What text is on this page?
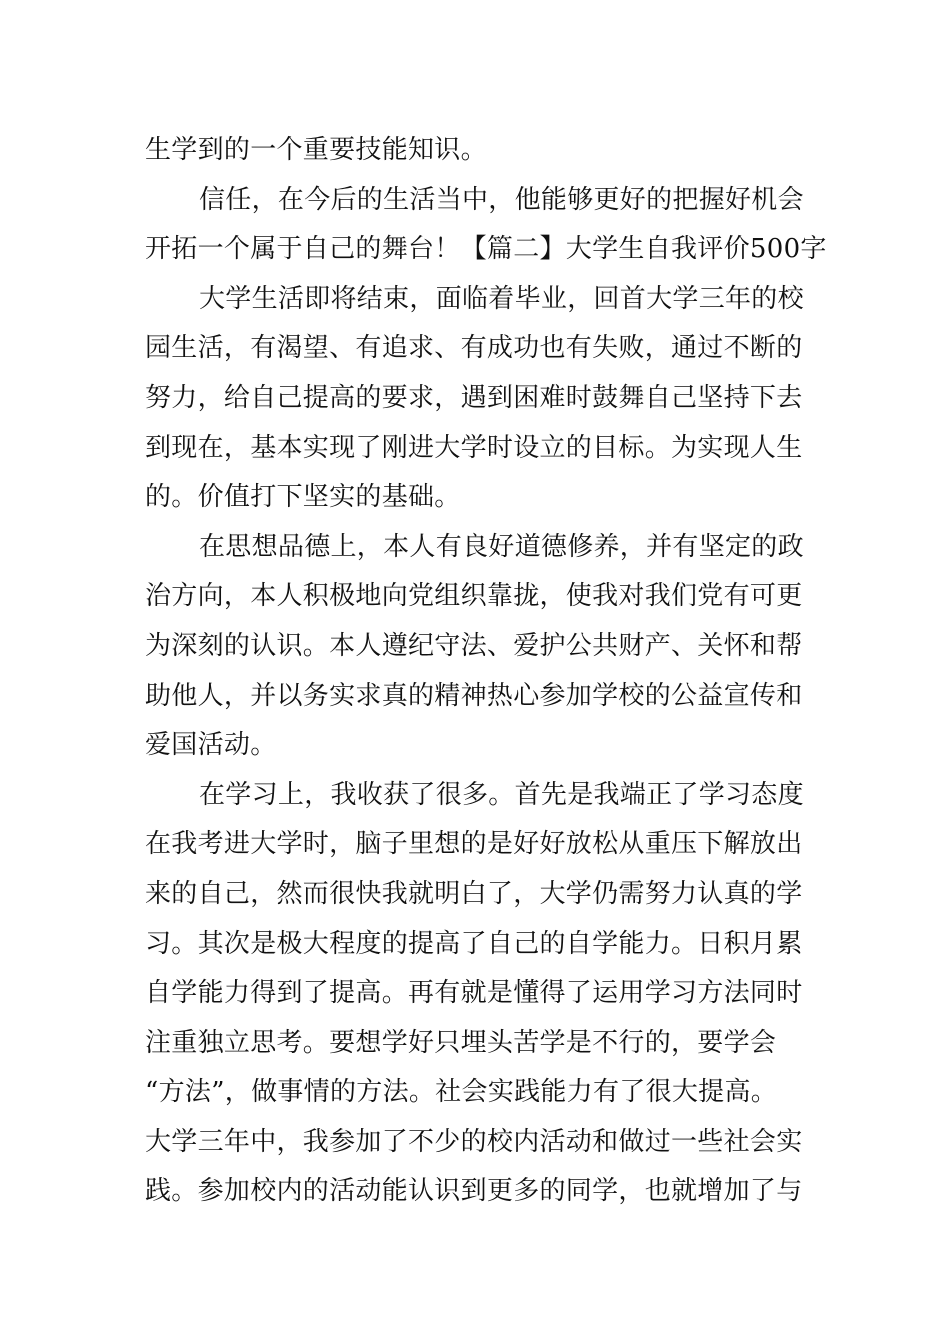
生学到的一个重要技能知识。
信任，在今后的生活当中，他能够更好的把握好机会
开拓一个属于自己的舞台！【篇二】大学生自我评价500字
大学生活即将结束，面临着毕业，回首大学三年的校
园生活，有渴望、有追求、有成功也有失败，通过不断的
努力，给自己提高的要求，遇到困难时鼓舞自己坚持下去
到现在，基本实现了刚进大学时设立的目标。为实现人生
的。价值打下坚实的基础。
在思想品德上，本人有良好道德修养，并有坚定的政
治方向，本人积极地向党组织靠拢，使我对我们党有可更
为深刻的认识。本人遵纪守法、爱护公共财产、关怀和帮
助他人，并以务实求真的精神热心参加学校的公益宣传和
爱国活动。
在学习上，我收获了很多。首先是我端正了学习态度
在我考进大学时，脑子里想的是好好放松从重压下解放出
来的自己，然而很快我就明白了，大学仍需努力认真的学
习。其次是极大程度的提高了自己的自学能力。日积月累
自学能力得到了提高。再有就是懂得了运用学习方法同时
注重独立思考。要想学好只埋头苦学是不行的，要学会
“方法”，做事情的方法。社会实践能力有了很大提高。
大学三年中，我参加了不少的校内活动和做过一些社会实
践。参加校内的活动能认识到更多的同学，也就增加了与
